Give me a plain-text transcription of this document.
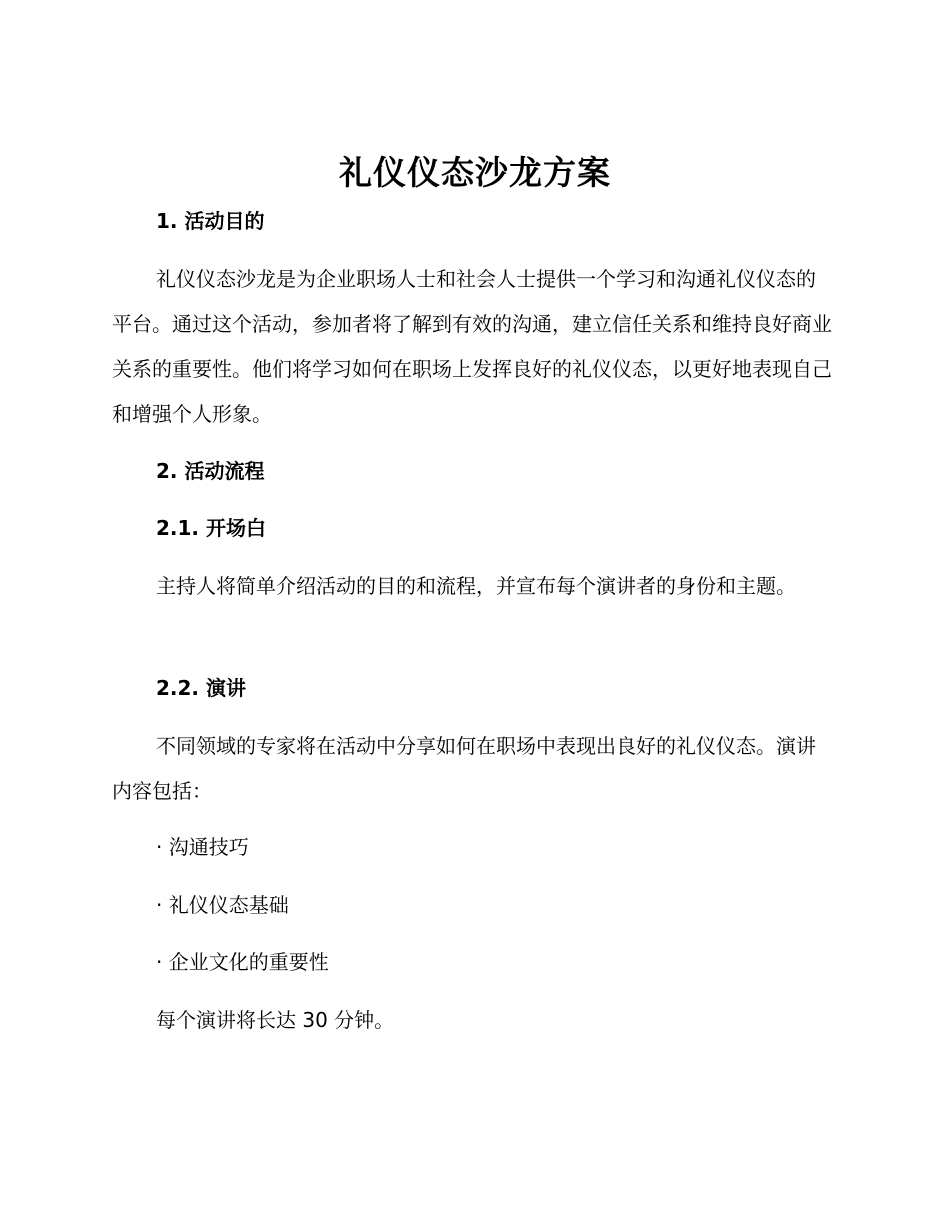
礼仪仪态沙龙方案
1. 活动目的

礼仪仪态沙龙是为企业职场人士和社会人士提供一个学习和沟通礼仪仪态的平台。通过这个活动，参加者将了解到有效的沟通，建立信任关系和维持良好商业关系的重要性。他们将学习如何在职场上发挥良好的礼仪仪态，以更好地表现自己和增强个人形象。

2. 活动流程
2.1. 开场白

主持人将简单介绍活动的目的和流程，并宣布每个演讲者的身份和主题。

2.2. 演讲

不同领域的专家将在活动中分享如何在职场中表现出良好的礼仪仪态。演讲内容包括：

· 沟通技巧
· 礼仪仪态基础
· 企业文化的重要性
每个演讲将长达 30 分钟。
